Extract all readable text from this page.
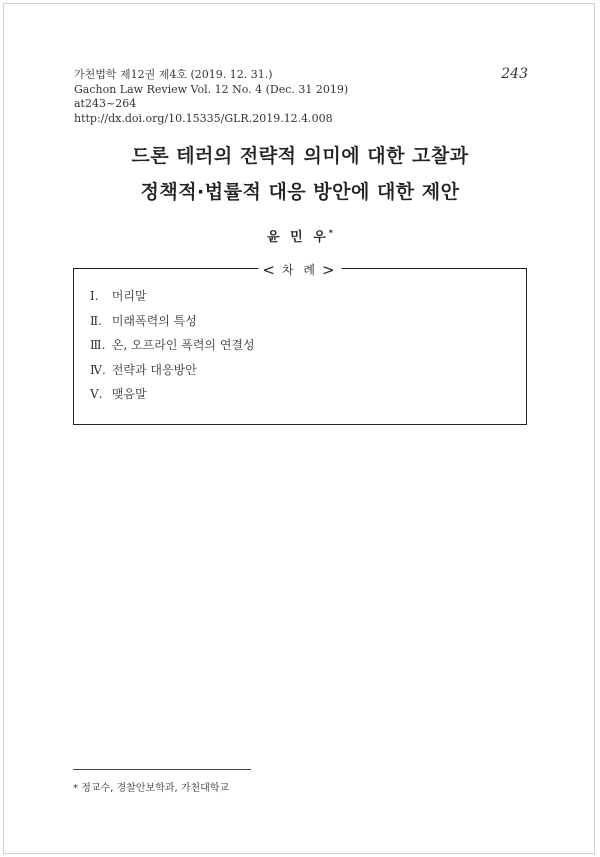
가천법학 제12권 제4호 (2019. 12. 31.)
Gachon Law Review Vol. 12 No. 4 (Dec. 31 2019)
at243~264
http://dx.doi.org/10.15335/GLR.2019.12.4.008
243
드론 테러의 전략적 의미에 대한 고찰과
정책적·법률적 대응 방안에 대한 제안
윤 민 우*
< 차 례 >
Ⅰ. 머리말
Ⅱ. 미래폭력의 특성
Ⅲ. 온, 오프라인 폭력의 연결성
Ⅳ. 전략과 대응방안
Ⅴ. 맺음말
* 정교수, 경찰안보학과, 가천대학교
